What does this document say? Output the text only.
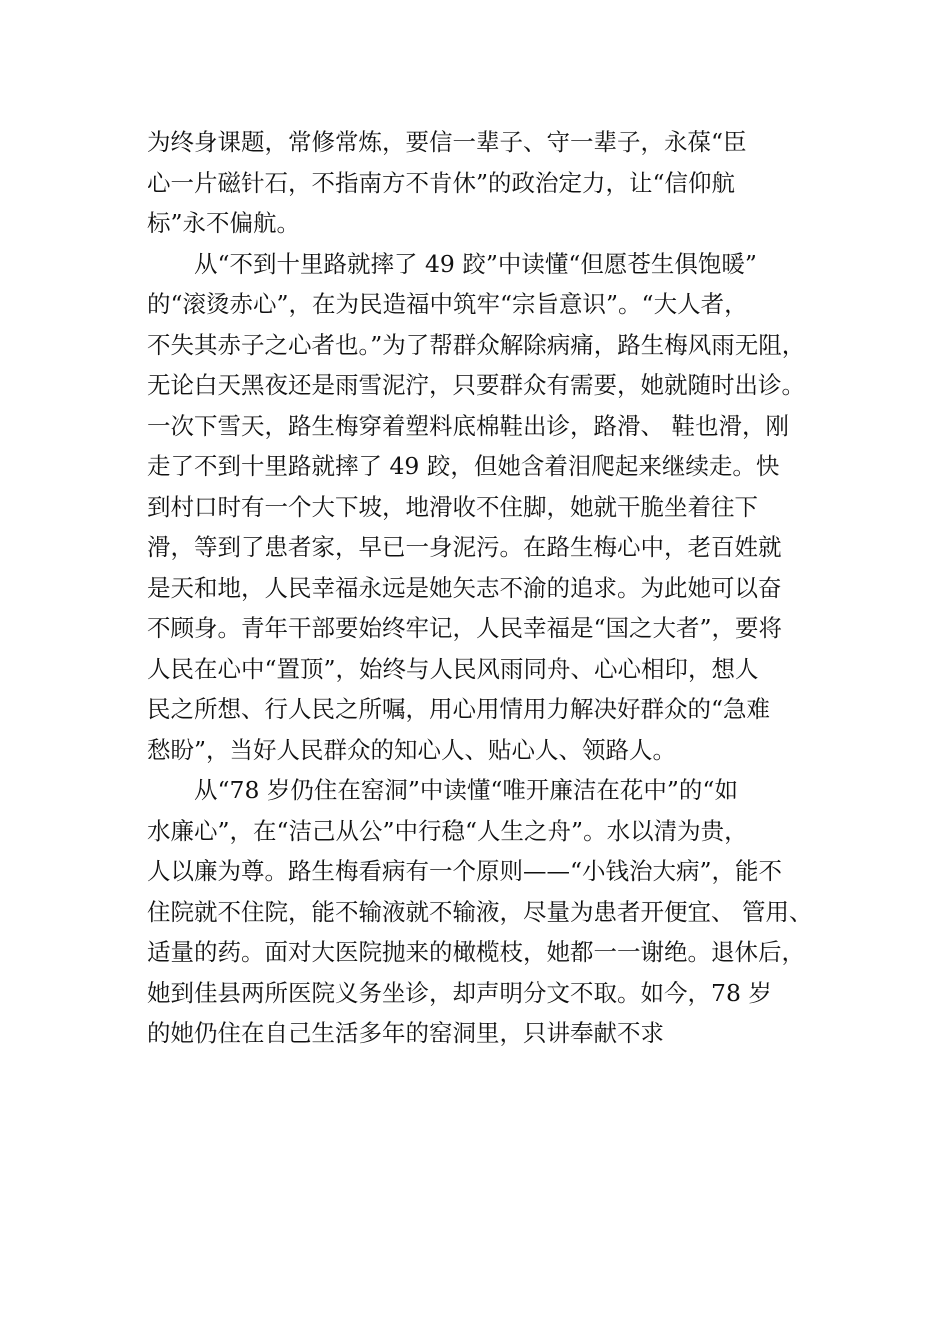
为终身课题，常修常炼，要信一辈子、守一辈子，永葆“臣
心一片磁针石，不指南方不肯休”的政治定力，让“信仰航
标”永不偏航。
从“不到十里路就摔了 49 跤”中读懂“但愿苍生俱饱暖”
的“滚烫赤心”，在为民造福中筑牢“宗旨意识”。“大人者，
不失其赤子之心者也。”为了帮群众解除病痛，路生梅风雨无阻，
无论白天黑夜还是雨雪泥泞，只要群众有需要，她就随时出诊。
一次下雪天，路生梅穿着塑料底棉鞋出诊，路滑、 鞋也滑，刚
走了不到十里路就摔了 49 跤，但她含着泪爬起来继续走。快
到村口时有一个大下坡，地滑收不住脚，她就干脆坐着往下
滑，等到了患者家，早已一身泥污。在路生梅心中，老百姓就
是天和地，人民幸福永远是她矢志不渝的追求。为此她可以奋
不顾身。青年干部要始终牢记，人民幸福是“国之大者”，要将
人民在心中“置顶”，始终与人民风雨同舟、心心相印，想人
民之所想、行人民之所嘱，用心用情用力解决好群众的“急难
愁盼”，当好人民群众的知心人、贴心人、领路人。
从“78 岁仍住在窑洞”中读懂“唯开廉洁在花中”的“如
水廉心”，在“洁己从公”中行稳“人生之舟”。水以清为贵，
人以廉为尊。路生梅看病有一个原则——“小钱治大病”，能不
住院就不住院，能不输液就不输液，尽量为患者开便宜、 管用、
适量的药。面对大医院抛来的橄榄枝，她都一一谢绝。退休后，
她到佳县两所医院义务坐诊，却声明分文不取。如今，78 岁
的她仍住在自己生活多年的窑洞里，只讲奉献不求
